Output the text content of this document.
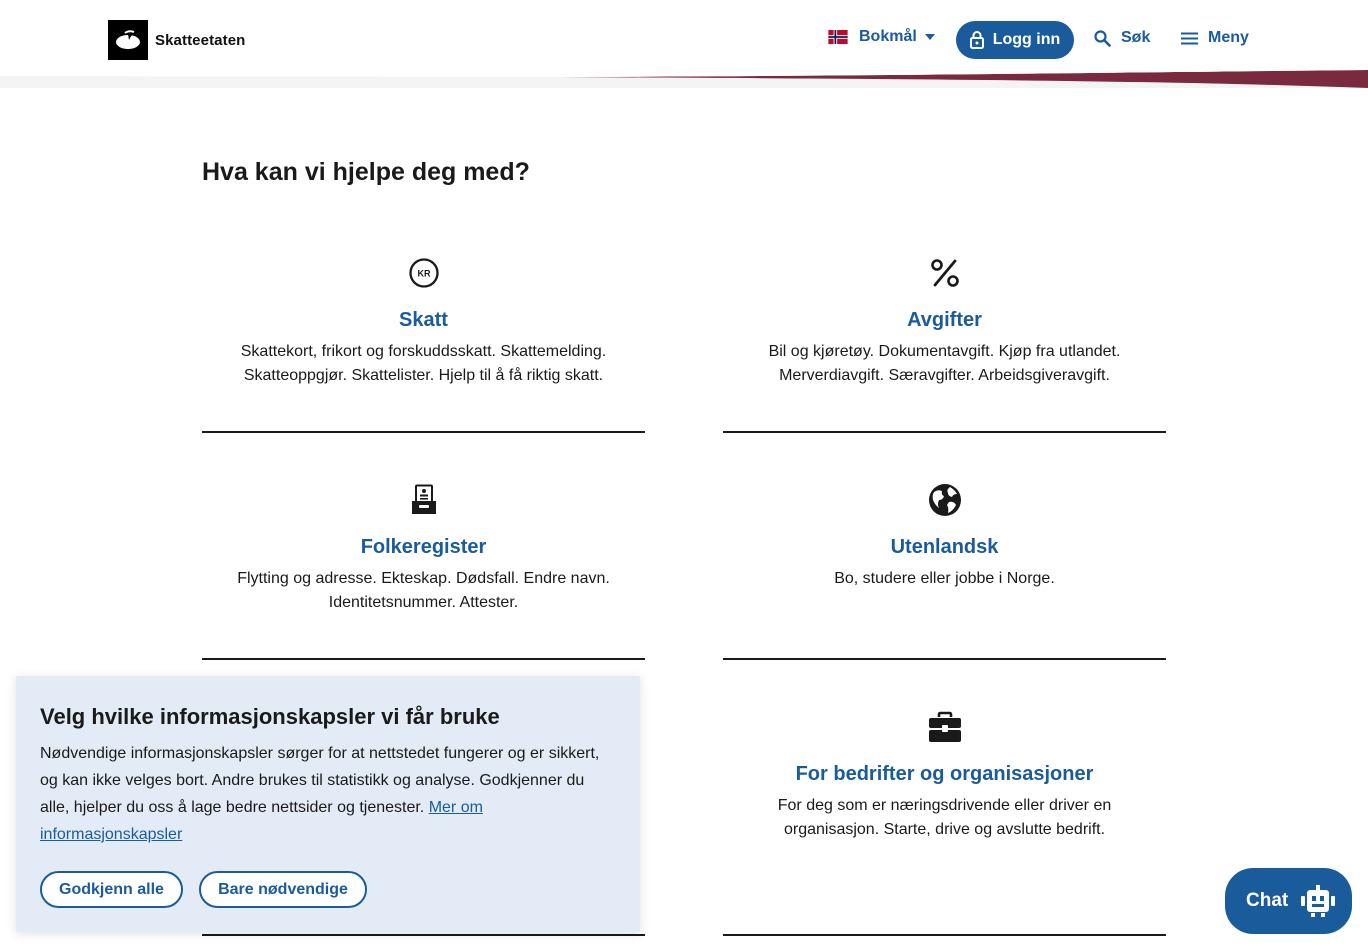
Skatteetaten	Bokmål	Logg inn	Søk	Meny
Hva kan vi hjelpe deg med?
KR
Skatt
Skattekort, frikort og forskuddsskatt. Skattemelding. Skatteoppgjør. Skattelister. Hjelp til å få riktig skatt.
Avgifter
Bil og kjøretøy. Dokumentavgift. Kjøp fra utlandet. Merverdiavgift. Særavgifter. Arbeidsgiveravgift.
Folkeregister
Flytting og adresse. Ekteskap. Dødsfall. Endre navn. Identitetsnummer. Attester.
Utenlandsk
Bo, studere eller jobbe i Norge.
For bedrifter og organisasjoner
For deg som er næringsdrivende eller driver en organisasjon. Starte, drive og avslutte bedrift.
Velg hvilke informasjonskapsler vi får bruke

Nødvendige informasjonskapsler sørger for at nettstedet fungerer og er sikkert, og kan ikke velges bort. Andre brukes til statistikk og analyse. Godkjenner du alle, hjelper du oss å lage bedre nettsider og tjenester. Mer om informasjonskapsler

Godkjenn alle	Bare nødvendige
Chat
